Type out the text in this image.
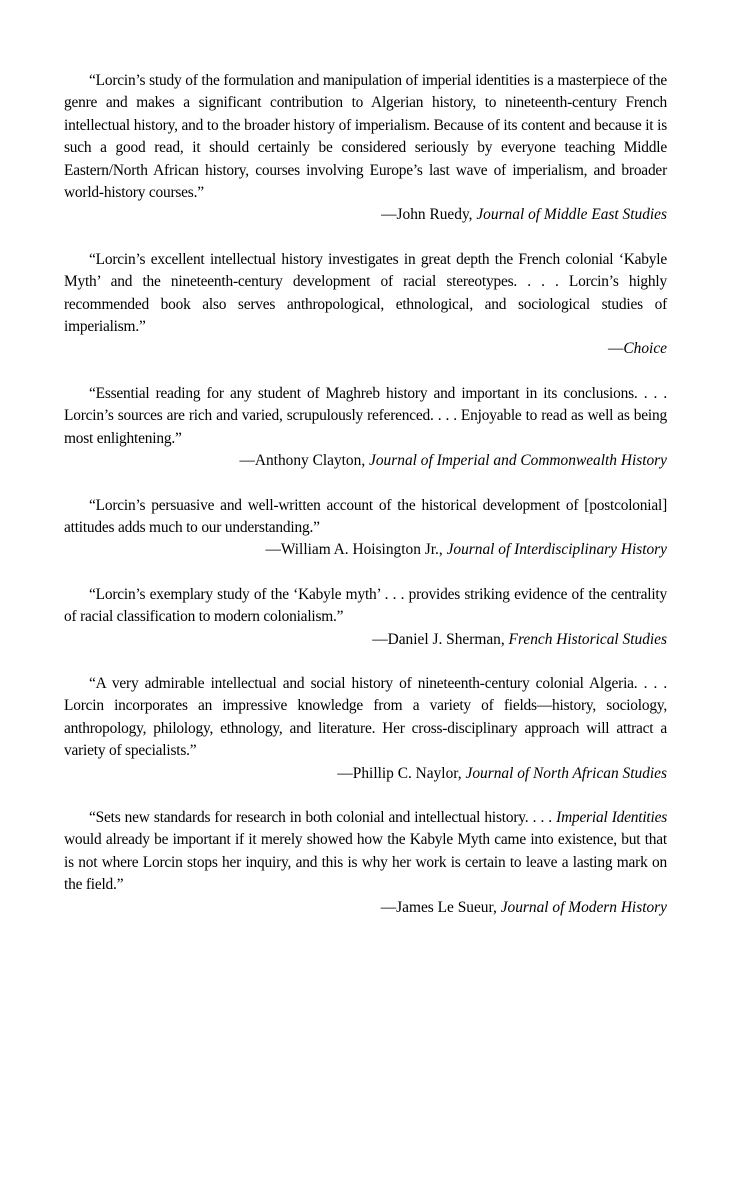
“Lorcin’s study of the formulation and manipulation of imperial identities is a masterpiece of the genre and makes a significant contribution to Algerian history, to nineteenth-century French intellectual history, and to the broader history of imperialism. Because of its content and because it is such a good read, it should certainly be considered seriously by everyone teaching Middle Eastern/North African history, courses involving Europe’s last wave of imperialism, and broader world-history courses.”

—John Ruedy, Journal of Middle East Studies

“Lorcin’s excellent intellectual history investigates in great depth the French colonial ‘Kabyle Myth’ and the nineteenth-century development of racial stereotypes. . . . Lorcin’s highly recommended book also serves anthropological, ethnological, and sociological studies of imperialism.”

—Choice

“Essential reading for any student of Maghreb history and important in its conclusions. . . . Lorcin’s sources are rich and varied, scrupulously referenced. . . . Enjoyable to read as well as being most enlightening.”

—Anthony Clayton, Journal of Imperial and Commonwealth History

“Lorcin’s persuasive and well-written account of the historical development of [postcolonial] attitudes adds much to our understanding.”

—William A. Hoisington Jr., Journal of Interdisciplinary History

“Lorcin’s exemplary study of the ‘Kabyle myth’ . . . provides striking evidence of the centrality of racial classification to modern colonialism.”

—Daniel J. Sherman, French Historical Studies

“A very admirable intellectual and social history of nineteenth-century colonial Algeria. . . . Lorcin incorporates an impressive knowledge from a variety of fields—history, sociology, anthropology, philology, ethnology, and literature. Her cross-disciplinary approach will attract a variety of specialists.”

—Phillip C. Naylor, Journal of North African Studies

“Sets new standards for research in both colonial and intellectual history. . . . Imperial Identities would already be important if it merely showed how the Kabyle Myth came into existence, but that is not where Lorcin stops her inquiry, and this is why her work is certain to leave a lasting mark on the field.”

—James Le Sueur, Journal of Modern History
